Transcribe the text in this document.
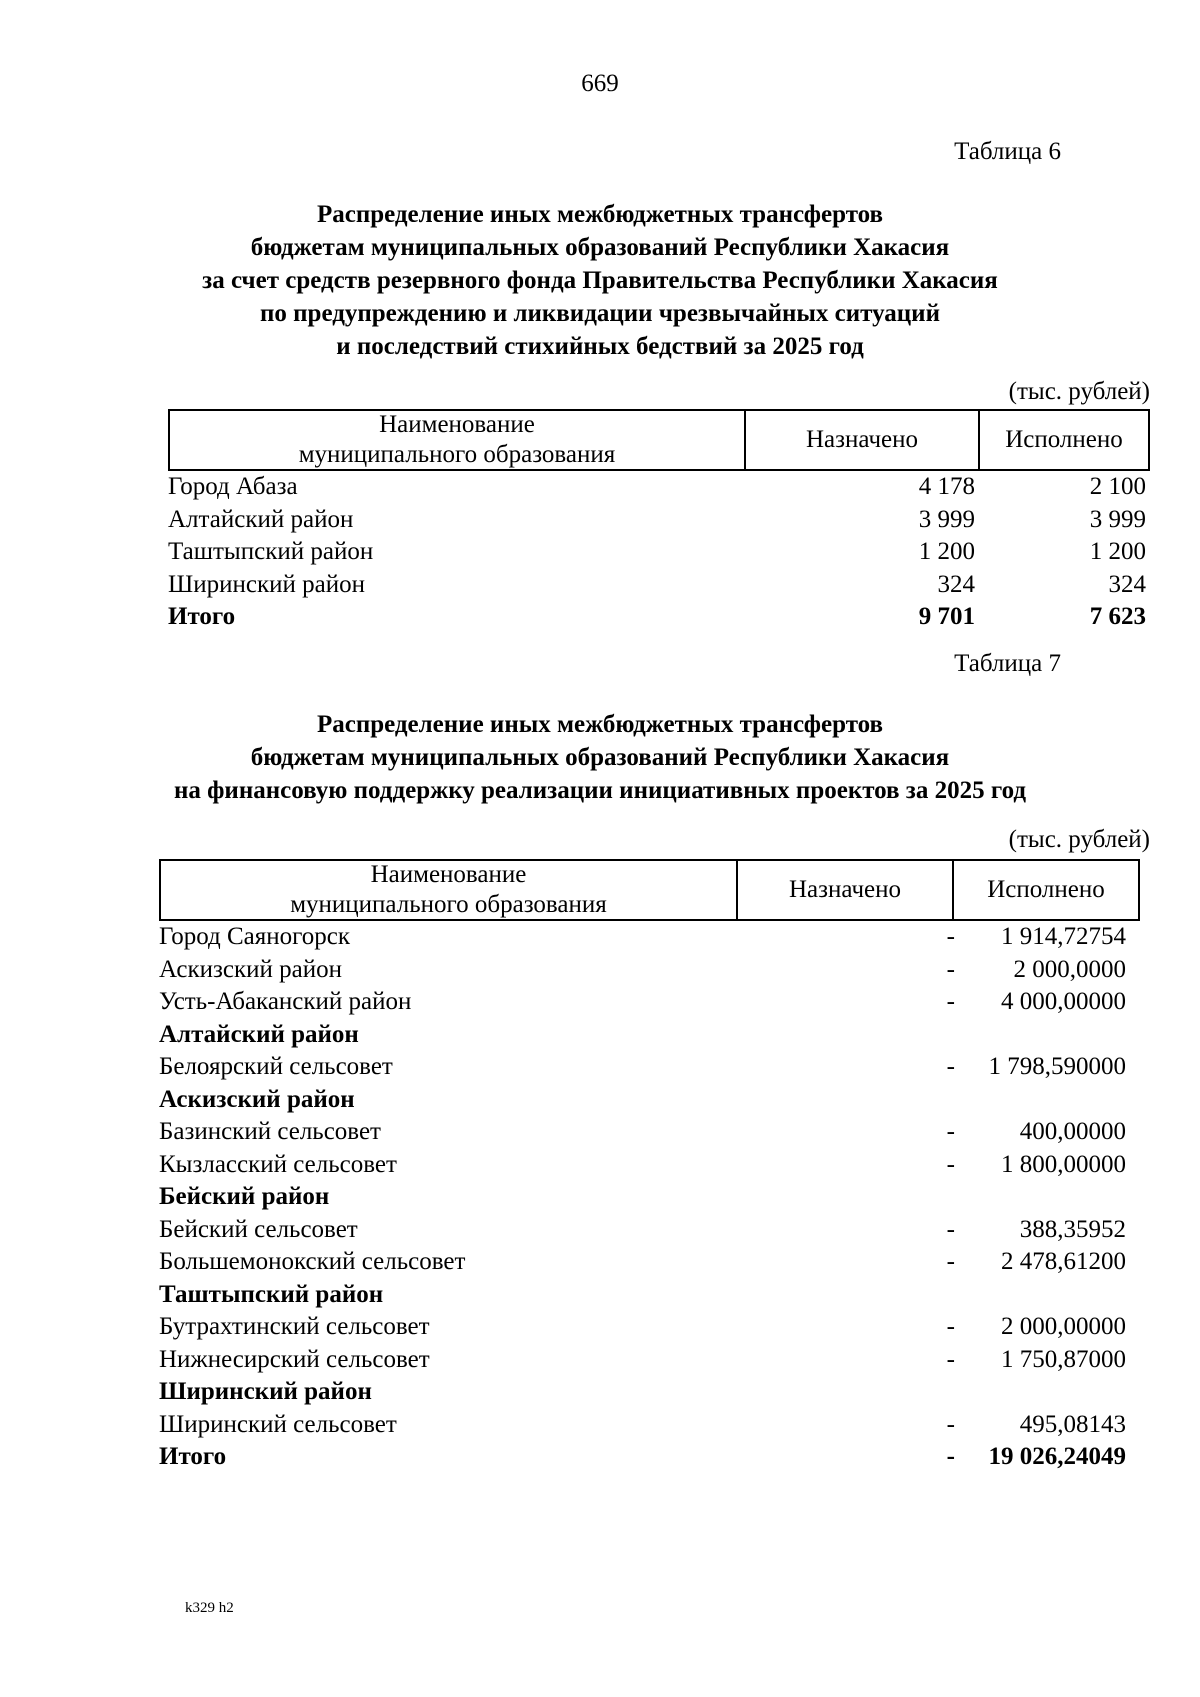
669
Таблица 6
Распределение иных межбюджетных трансфертов
бюджетам муниципальных образований Республики Хакасия
за счет средств резервного фонда Правительства Республики Хакасия
по предупреждению и ликвидации чрезвычайных ситуаций
и последствий стихийных бедствий за 2025 год
(тыс. рублей)
Наименование
муниципального образования
Назначено	Исполнено
Город Абаза	4 178	2 100
Алтайский район	3 999	3 999
Таштыпский район	1 200	1 200
Ширинский район	324	324
Итого	9 701	7 623
Таблица 7
Распределение иных межбюджетных трансфертов
бюджетам муниципальных образований Республики Хакасия
на финансовую поддержку реализации инициативных проектов за 2025 год
(тыс. рублей)
Наименование
муниципального образования
Назначено	Исполнено
Город Саяногорск	- 1 914,72754
Аскизский район	- 2 000,0000
Усть-Абаканский район	- 4 000,00000
Алтайский район
Белоярский сельсовет	- 1 798,590000
Аскизский район
Базинский сельсовет	-	400,00000
Кызласский сельсовет	- 1 800,00000
Бейский район
Бейский сельсовет	-	388,35952
Большемонокский сельсовет	- 2 478,61200
Таштыпский район
Бутрахтинский сельсовет	- 2 000,00000
Нижнесирский сельсовет	- 1 750,87000
Ширинский район
Ширинский сельсовет	-	495,08143
Итого	- 19 026,24049
k329 h2
